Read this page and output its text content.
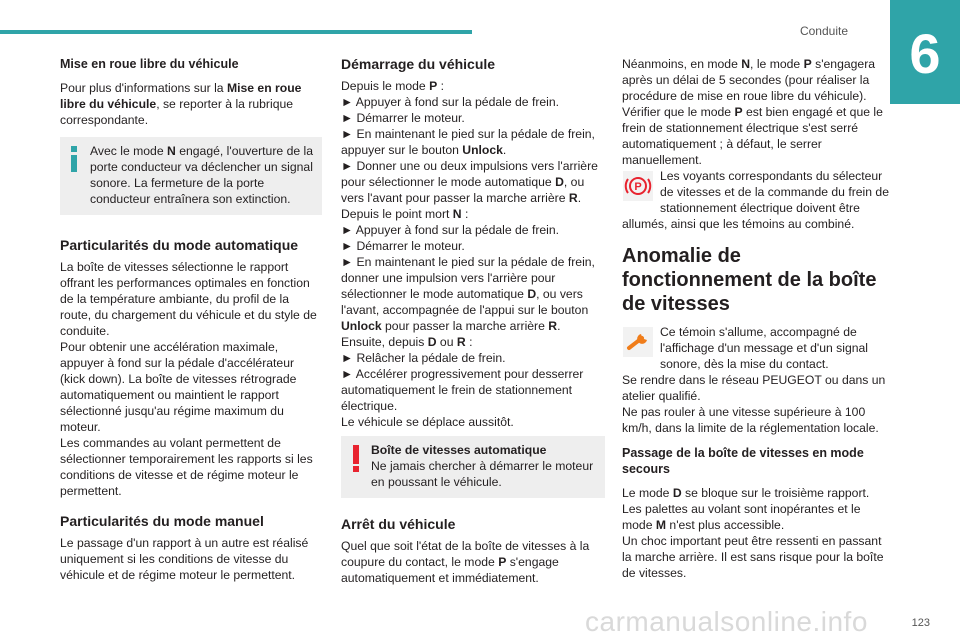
Conduite	6
123
carmanualsonline.info
Mise en roue libre du véhicule

Pour plus d'informations sur la Mise en roue libre du véhicule, se reporter à la rubrique correspondante.

Avec le mode N engagé, l'ouverture de la porte conducteur va déclencher un signal sonore. La fermeture de la porte conducteur entraînera son extinction.

Particularités du mode automatique

La boîte de vitesses sélectionne le rapport offrant les performances optimales en fonction de la température ambiante, du profil de la route, du chargement du véhicule et du style de conduite.

Pour obtenir une accélération maximale, appuyer à fond sur la pédale d'accélérateur (kick down). La boîte de vitesses rétrograde automatiquement ou maintient le rapport sélectionné jusqu'au régime maximum du moteur.

Les commandes au volant permettent de sélectionner temporairement les rapports si les conditions de vitesse et de régime moteur le permettent.

Particularités du mode manuel

Le passage d'un rapport à un autre est réalisé uniquement si les conditions de vitesse du véhicule et de régime moteur le permettent.

Démarrage du véhicule

Depuis le mode P :

► Appuyer à fond sur la pédale de frein.

► Démarrer le moteur.

► En maintenant le pied sur la pédale de frein, appuyer sur le bouton Unlock.

► Donner une ou deux impulsions vers l'arrière pour sélectionner le mode automatique D, ou vers l'avant pour passer la marche arrière R.

Depuis le point mort N :

► Appuyer à fond sur la pédale de frein.

► Démarrer le moteur.

► En maintenant le pied sur la pédale de frein, donner une impulsion vers l'arrière pour sélectionner le mode automatique D, ou vers l'avant, accompagnée de l'appui sur le bouton Unlock pour passer la marche arrière R.

Ensuite, depuis D ou R :

► Relâcher la pédale de frein.

► Accélérer progressivement pour desserrer automatiquement le frein de stationnement électrique.

Le véhicule se déplace aussitôt.

Boîte de vitesses automatique

Ne jamais chercher à démarrer le moteur en poussant le véhicule.

Arrêt du véhicule

Quel que soit l'état de la boîte de vitesses à la coupure du contact, le mode P s'engage automatiquement et immédiatement.

Néanmoins, en mode N, le mode P s'engagera après un délai de 5 secondes (pour réaliser la procédure de mise en roue libre du véhicule).

Vérifier que le mode P est bien engagé et que le frein de stationnement électrique s'est serré automatiquement ; à défaut, le serrer manuellement.

P

Les voyants correspondants du sélecteur de vitesses et de la commande du frein de stationnement électrique doivent être allumés, ainsi que les témoins au combiné.

Anomalie de fonctionnement de la boîte de vitesses

Ce témoin s'allume, accompagné de l'affichage d'un message et d'un signal sonore, dès la mise du contact.

Se rendre dans le réseau PEUGEOT ou dans un atelier qualifié.

Ne pas rouler à une vitesse supérieure à 100 km/h, dans la limite de la réglementation locale.

Passage de la boîte de vitesses en mode secours

Le mode D se bloque sur le troisième rapport.

Les palettes au volant sont inopérantes et le mode M n'est plus accessible.

Un choc important peut être ressenti en passant la marche arrière. Il est sans risque pour la boîte de vitesses.
